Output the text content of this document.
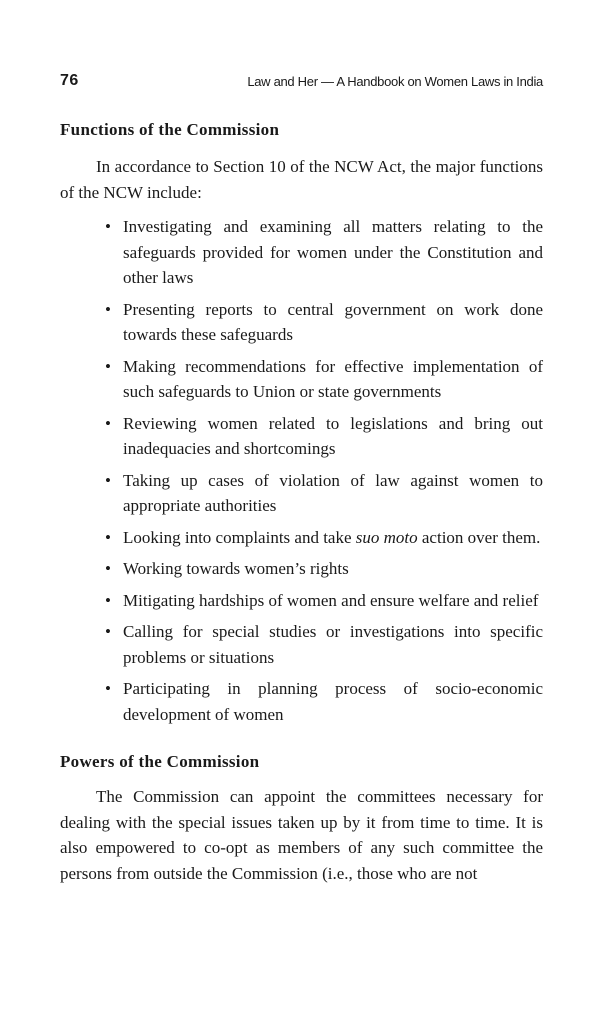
76	Law and Her — A Handbook on Women Laws in India
Functions of the Commission

In accordance to Section 10 of the NCW Act, the major functions of the NCW include:

• Investigating and examining all matters relating to the safeguards provided for women under the Constitution and other laws
• Presenting reports to central government on work done towards these safeguards
• Making recommendations for effective implementation of such safeguards to Union or state governments
• Reviewing women related to legislations and bring out inadequacies and shortcomings
• Taking up cases of violation of law against women to appropriate authorities
• Looking into complaints and take suo moto action over them.
• Working towards women’s rights
• Mitigating hardships of women and ensure welfare and relief
• Calling for special studies or investigations into specific problems or situations
• Participating in planning process of socio-economic development of women
Powers of the Commission

The Commission can appoint the committees necessary for dealing with the special issues taken up by it from time to time. It is also empowered to co-opt as members of any such committee the persons from outside the Commission (i.e., those who are not
